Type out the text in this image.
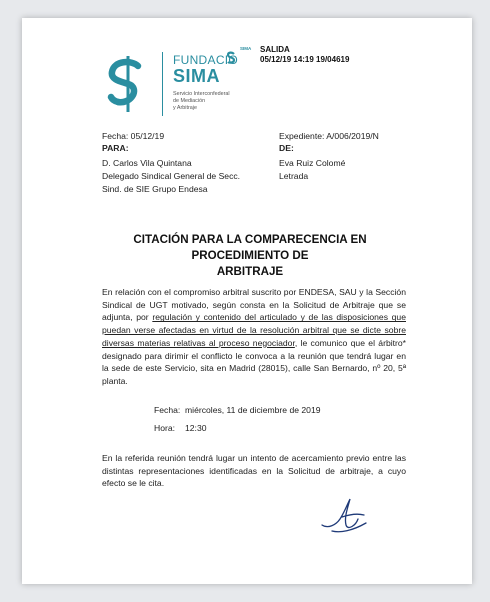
FUNDACIO
SIMA
Servicio Interconfederal
de Mediación
y Arbitraje
SIMA SALIDA
05/12/19 14:19 19/04619
Fecha: 05/12/19	Expediente: A/006/2019/N
PARA:	DE:
D. Carlos Vila Quintana
Delegado Sindical General de Secc.
Sind. de SIE Grupo Endesa
Eva Ruiz Colomé
Letrada
CITACIÓN PARA LA COMPARECENCIA EN PROCEDIMIENTO DE
ARBITRAJE
En relación con el compromiso arbitral suscrito por ENDESA, SAU y la Sección
Sindical de UGT motivado, según consta en la Solicitud de Arbitraje que se
adjunta, por regulación y contenido del articulado y de las disposiciones que
puedan verse afectadas en virtud de la resolución arbitral que se dicte sobre
diversas materias relativas al proceso negociador, le comunico que el árbitro*
designado para dirimir el conflicto le convoca a la reunión que tendrá lugar en
la sede de este Servicio, sita en Madrid (28015), calle San Bernardo, nº 20, 5ª
planta.
Fecha: miércoles, 11 de diciembre de 2019
Hora: 12:30
En la referida reunión tendrá lugar un intento de acercamiento previo entre las
distintas representaciones identificadas en la Solicitud de arbitraje, a cuyo
efecto se le cita.
